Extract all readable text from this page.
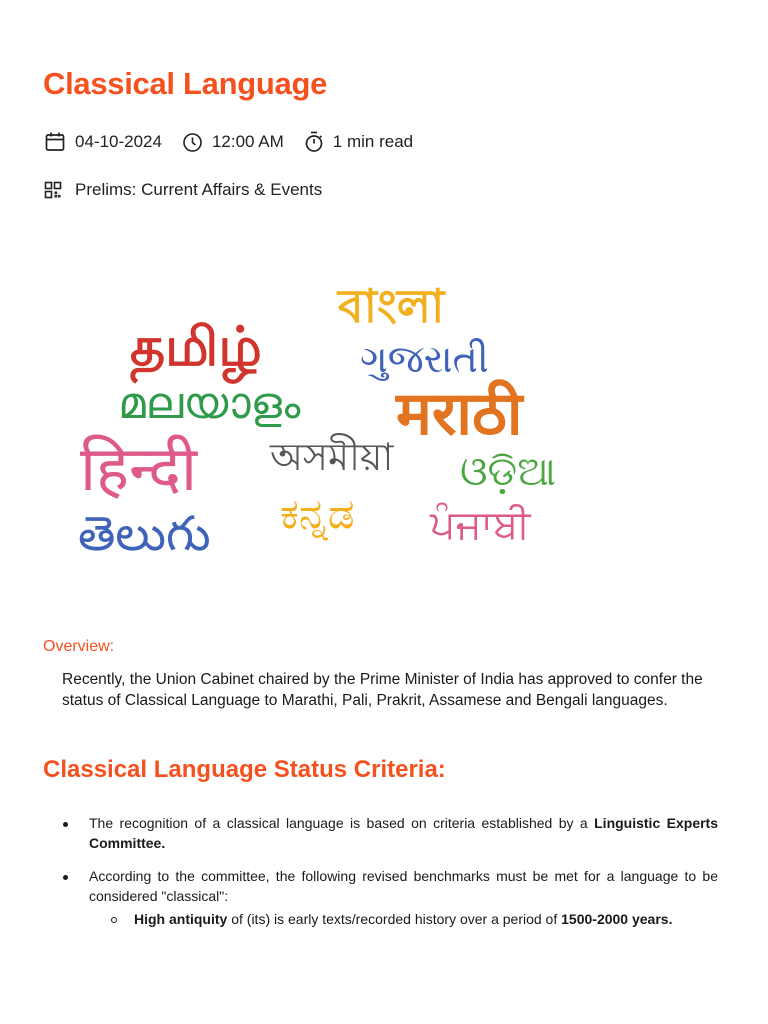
Classical Language
04-10-2024	12:00 AM	1 min read
Prelims: Current Affairs & Events
தமிழ்
বাংলা
ગુજરાતી
മലയാളം मराठी
हिन्दी অসমীয়া ଓଡ଼ିଆ
తెలుగు ಕನ್ನಡ ਪੰਜਾਬੀ
Overview:
Recently, the Union Cabinet chaired by the Prime Minister of India has approved to confer the status of Classical Language to Marathi, Pali, Prakrit, Assamese and Bengali languages.
Classical Language Status Criteria:
The recognition of a classical language is based on criteria established by a Linguistic Experts Committee.
According to the committee, the following revised benchmarks must be met for a language to be considered "classical":
High antiquity of (its) is early texts/recorded history over a period of 1500-2000 years.
